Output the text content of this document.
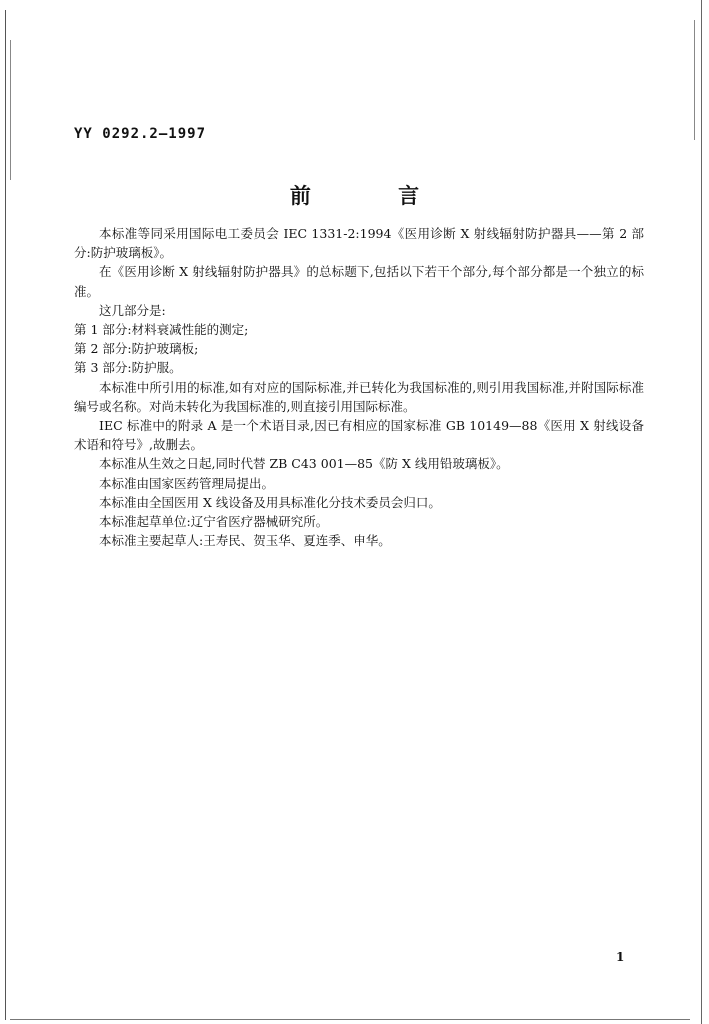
YY 0292.2—1997
前 言

本标准等同采用国际电工委员会 IEC 1331-2:1994《医用诊断 X 射线辐射防护器具——第 2 部分:防护玻璃板》。

在《医用诊断 X 射线辐射防护器具》的总标题下,包括以下若干个部分,每个部分都是一个独立的标准。

这几部分是:

第 1 部分:材料衰减性能的测定;

第 2 部分:防护玻璃板;

第 3 部分:防护服。

本标准中所引用的标准,如有对应的国际标准,并已转化为我国标准的,则引用我国标准,并附国际标准编号或名称。对尚未转化为我国标准的,则直接引用国际标准。

IEC 标准中的附录 A 是一个术语目录,因已有相应的国家标准 GB 10149—88《医用 X 射线设备术语和符号》,故删去。

本标准从生效之日起,同时代替 ZB C43 001—85《防 X 线用铅玻璃板》。

本标准由国家医药管理局提出。

本标准由全国医用 X 线设备及用具标准化分技术委员会归口。

本标准起草单位:辽宁省医疗器械研究所。

本标准主要起草人:王寿民、贺玉华、夏连季、申华。

1
